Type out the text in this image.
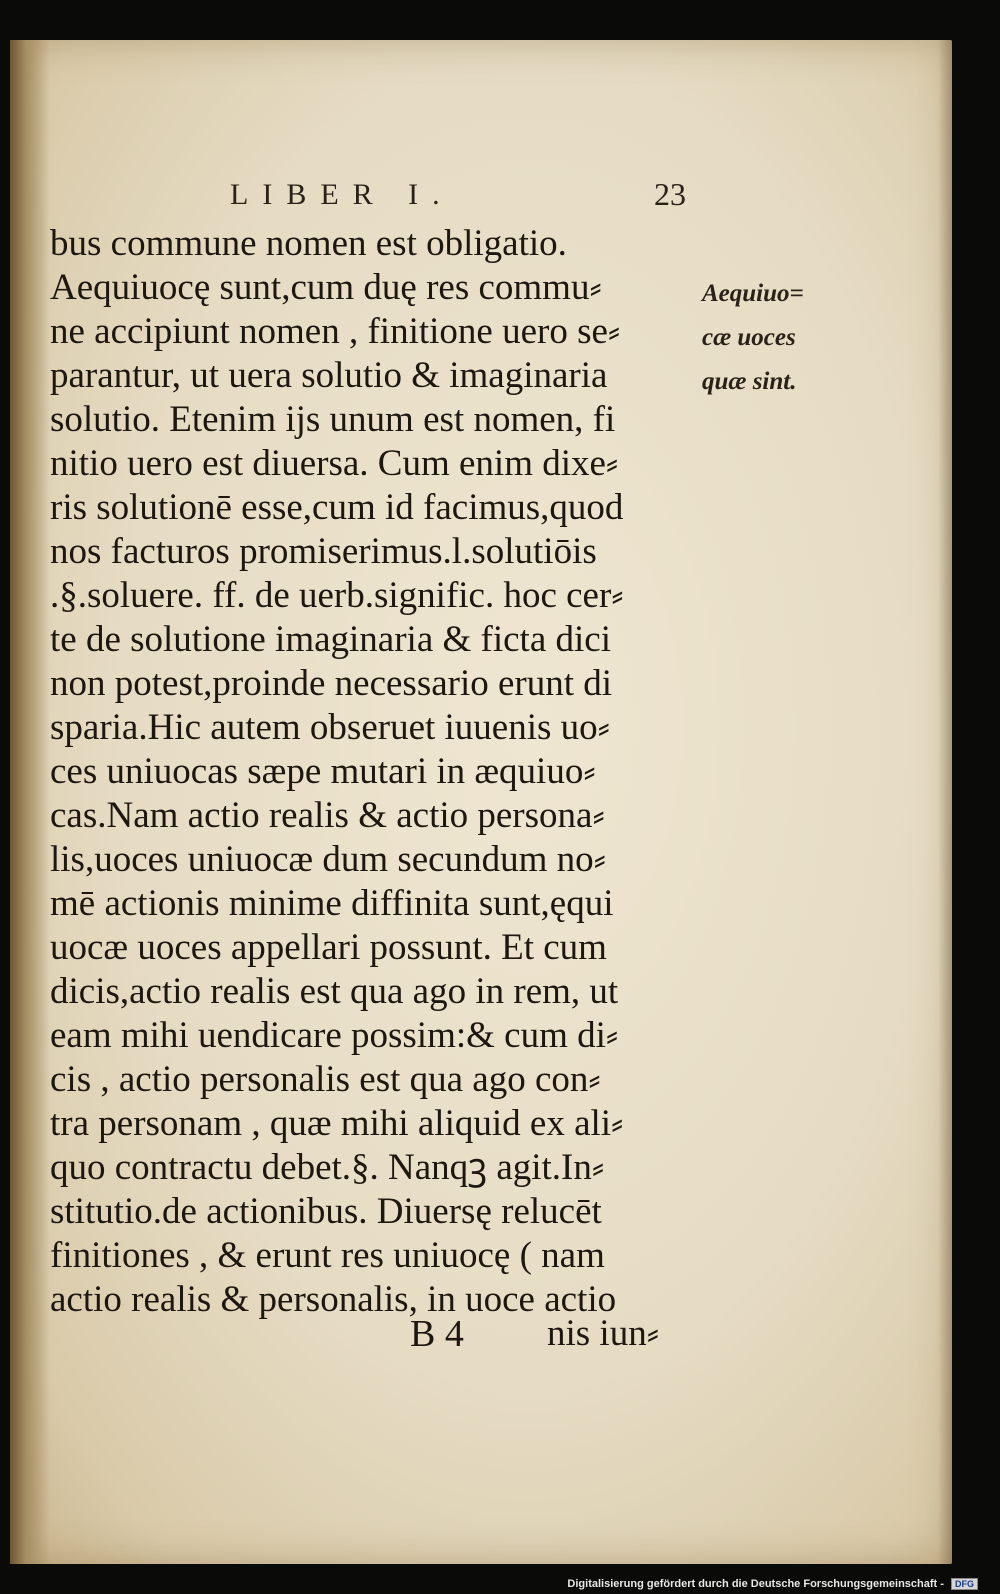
LIBER I.	23
bus commune nomen est obligatio.
Aequiuocę sunt,cum duę res commu⸗
ne accipiunt nomen , finitione uero se⸗
parantur, ut uera solutio & imaginaria
solutio. Etenim ijs unum est nomen, fi
nitio uero est diuersa. Cum enim dixe⸗
ris solutionē esse,cum id facimus,quod
nos facturos promiserimus.l.solutiōis
.§.soluere. ff. de uerb.signific. hoc cer⸗
te de solutione imaginaria & ficta dici
non potest,proinde necessario erunt di
sparia.Hic autem obseruet iuuenis uo⸗
ces uniuocas sæpe mutari in æquiuo⸗
cas.Nam actio realis & actio persona⸗
lis,uoces uniuocæ dum secundum no⸗
mē actionis minime diffinita sunt,ęqui
uocæ uoces appellari possunt. Et cum
dicis,actio realis est qua ago in rem, ut
eam mihi uendicare possim:& cum di⸗
cis , actio personalis est qua ago con⸗
tra personam , quæ mihi aliquid ex ali⸗
quo contractu debet.§. Nanqꝫ agit.In⸗
stitutio.de actionibus. Diuersę relucēt
finitiones , & erunt res uniuocę ( nam
actio realis & personalis, in uoce actio
Aequiuo=
cæ uoces
quæ sint.
B 4 nis iun⸗
Digitalisierung gefördert durch die Deutsche Forschungsgemeinschaft - DFG
